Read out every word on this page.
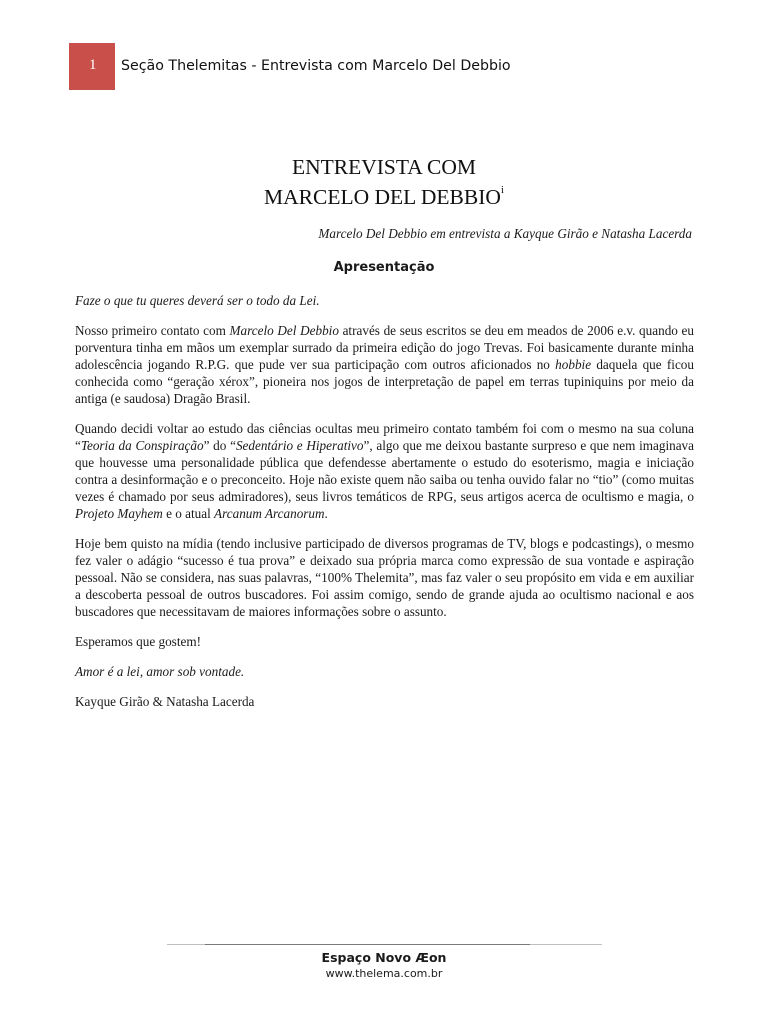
1 Seção Thelemitas - Entrevista com Marcelo Del Debbio
ENTREVISTA COM
MARCELO DEL DEBBIO$^i$
Marcelo Del Debbio em entrevista a Kayque Girão e Natasha Lacerda
Apresentação

Faze o que tu queres deverá ser o todo da Lei.

Nosso primeiro contato com Marcelo Del Debbio através de seus escritos se deu em meados de 2006 e.v. quando eu porventura tinha em mãos um exemplar surrado da primeira edição do jogo Trevas. Foi basicamente durante minha adolescência jogando R.P.G. que pude ver sua participação com outros aficionados no hobbie daquela que ficou conhecida como “geração xérox”, pioneira nos jogos de interpretação de papel em terras tupiniquins por meio da antiga (e saudosa) Dragão Brasil.

Quando decidi voltar ao estudo das ciências ocultas meu primeiro contato também foi com o mesmo na sua coluna “Teoria da Conspiração” do “Sedentário e Hiperativo”, algo que me deixou bastante surpreso e que nem imaginava que houvesse uma personalidade pública que defendesse abertamente o estudo do esoterismo, magia e iniciação contra a desinformação e o preconceito. Hoje não existe quem não saiba ou tenha ouvido falar no “tio” (como muitas vezes é chamado por seus admiradores), seus livros temáticos de RPG, seus artigos acerca de ocultismo e magia, o Projeto Mayhem e o atual Arcanum Arcanorum.

Hoje bem quisto na mídia (tendo inclusive participado de diversos programas de TV, blogs e podcastings), o mesmo fez valer o adágio “sucesso é tua prova” e deixado sua própria marca como expressão de sua vontade e aspiração pessoal. Não se considera, nas suas palavras, “100% Thelemita”, mas faz valer o seu propósito em vida e em auxiliar a descoberta pessoal de outros buscadores. Foi assim comigo, sendo de grande ajuda ao ocultismo nacional e aos buscadores que necessitavam de maiores informações sobre o assunto.

Esperamos que gostem!

Amor é a lei, amor sob vontade.

Kayque Girão & Natasha Lacerda

Espaço Novo Æon
www.thelema.com.br
